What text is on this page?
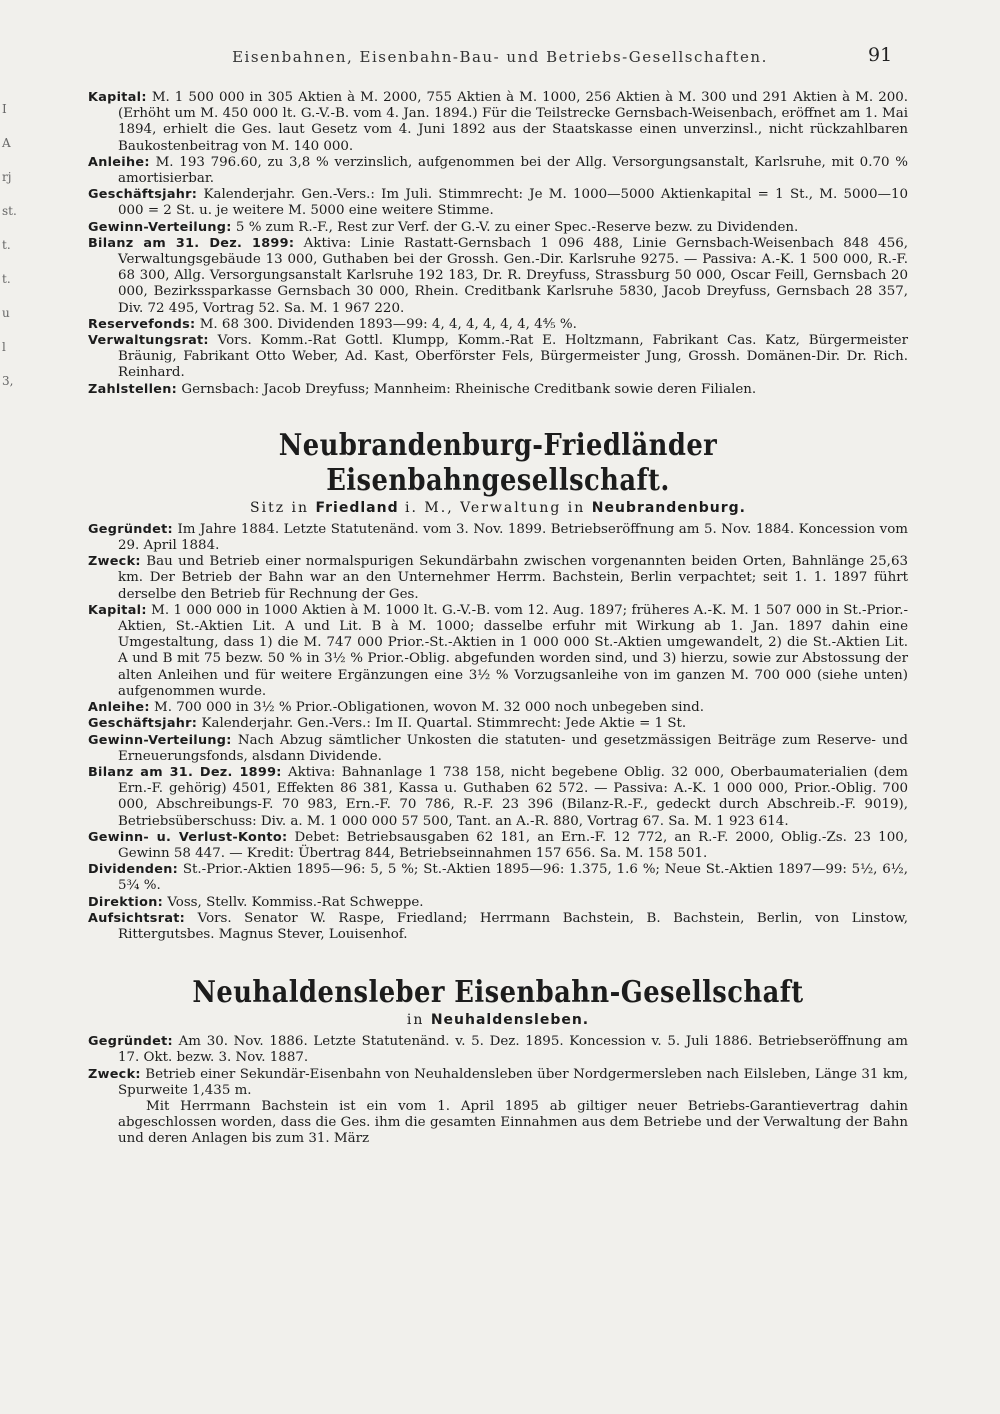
Eisenbahnen, Eisenbahn-Bau- und Betriebs-Gesellschaften.	91
I
A
rj
st.
t.
t.
u
l
3,

Kapital: M. 1 500 000 in 305 Aktien à M. 2000, 755 Aktien à M. 1000, 256 Aktien à M. 300 und 291 Aktien à M. 200. (Erhöht um M. 450 000 lt. G.-V.-B. vom 4. Jan. 1894.) Für die Teilstrecke Gernsbach-Weisenbach, eröffnet am 1. Mai 1894, erhielt die Ges. laut Gesetz vom 4. Juni 1892 aus der Staatskasse einen unverzinsl., nicht rückzahlbaren Baukostenbeitrag von M. 140 000.

Anleihe: M. 193 796.60, zu 3,8 % verzinslich, aufgenommen bei der Allg. Versorgungsanstalt, Karlsruhe, mit 0.70 % amortisierbar.

Geschäftsjahr: Kalenderjahr. Gen.-Vers.: Im Juli. Stimmrecht: Je M. 1000—5000 Aktienkapital = 1 St., M. 5000—10 000 = 2 St. u. je weitere M. 5000 eine weitere Stimme.

Gewinn-Verteilung: 5 % zum R.-F., Rest zur Verf. der G.-V. zu einer Spec.-Reserve bezw. zu Dividenden.

Bilanz am 31. Dez. 1899: Aktiva: Linie Rastatt-Gernsbach 1 096 488, Linie Gernsbach-Weisenbach 848 456, Verwaltungsgebäude 13 000, Guthaben bei der Grossh. Gen.-Dir. Karlsruhe 9275. — Passiva: A.-K. 1 500 000, R.-F. 68 300, Allg. Versorgungsanstalt Karlsruhe 192 183, Dr. R. Dreyfuss, Strassburg 50 000, Oscar Feill, Gernsbach 20 000, Bezirkssparkasse Gernsbach 30 000, Rhein. Creditbank Karlsruhe 5830, Jacob Dreyfuss, Gernsbach 28 357, Div. 72 495, Vortrag 52. Sa. M. 1 967 220.

Reservefonds: M. 68 300. Dividenden 1893—99: 4, 4, 4, 4, 4, 4, 4⅘ %.

Verwaltungsrat: Vors. Komm.-Rat Gottl. Klumpp, Komm.-Rat E. Holtzmann, Fabrikant Cas. Katz, Bürgermeister Bräunig, Fabrikant Otto Weber, Ad. Kast, Oberförster Fels, Bürgermeister Jung, Grossh. Domänen-Dir. Dr. Rich. Reinhard.

Zahlstellen: Gernsbach: Jacob Dreyfuss; Mannheim: Rheinische Creditbank sowie deren Filialen.

Neubrandenburg-Friedländer Eisenbahngesellschaft.
Sitz in Friedland i. M., Verwaltung in Neubrandenburg.

Gegründet: Im Jahre 1884. Letzte Statutenänd. vom 3. Nov. 1899. Betriebseröffnung am 5. Nov. 1884. Koncession vom 29. April 1884.

Zweck: Bau und Betrieb einer normalspurigen Sekundärbahn zwischen vorgenannten beiden Orten, Bahnlänge 25,63 km. Der Betrieb der Bahn war an den Unternehmer Herrm. Bachstein, Berlin verpachtet; seit 1. 1. 1897 führt derselbe den Betrieb für Rechnung der Ges.

Kapital: M. 1 000 000 in 1000 Aktien à M. 1000 lt. G.-V.-B. vom 12. Aug. 1897; früheres A.-K. M. 1 507 000 in St.-Prior.-Aktien, St.-Aktien Lit. A und Lit. B à M. 1000; dasselbe erfuhr mit Wirkung ab 1. Jan. 1897 dahin eine Umgestaltung, dass 1) die M. 747 000 Prior.-St.-Aktien in 1 000 000 St.-Aktien umgewandelt, 2) die St.-Aktien Lit. A und B mit 75 bezw. 50 % in 3½ % Prior.-Oblig. abgefunden worden sind, und 3) hierzu, sowie zur Abstossung der alten Anleihen und für weitere Ergänzungen eine 3½ % Vorzugsanleihe von im ganzen M. 700 000 (siehe unten) aufgenommen wurde.

Anleihe: M. 700 000 in 3½ % Prior.-Obligationen, wovon M. 32 000 noch unbegeben sind.

Geschäftsjahr: Kalenderjahr. Gen.-Vers.: Im II. Quartal. Stimmrecht: Jede Aktie = 1 St.

Gewinn-Verteilung: Nach Abzug sämtlicher Unkosten die statuten- und gesetzmässigen Beiträge zum Reserve- und Erneuerungsfonds, alsdann Dividende.

Bilanz am 31. Dez. 1899: Aktiva: Bahnanlage 1 738 158, nicht begebene Oblig. 32 000, Oberbaumaterialien (dem Ern.-F. gehörig) 4501, Effekten 86 381, Kassa u. Guthaben 62 572. — Passiva: A.-K. 1 000 000, Prior.-Oblig. 700 000, Abschreibungs-F. 70 983, Ern.-F. 70 786, R.-F. 23 396 (Bilanz-R.-F., gedeckt durch Abschreib.-F. 9019), Betriebsüberschuss: Div. a. M. 1 000 000 57 500, Tant. an A.-R. 880, Vortrag 67. Sa. M. 1 923 614.

Gewinn- u. Verlust-Konto: Debet: Betriebsausgaben 62 181, an Ern.-F. 12 772, an R.-F. 2000, Oblig.-Zs. 23 100, Gewinn 58 447. — Kredit: Übertrag 844, Betriebseinnahmen 157 656. Sa. M. 158 501.

Dividenden: St.-Prior.-Aktien 1895—96: 5, 5 %; St.-Aktien 1895—96: 1.375, 1.6 %; Neue St.-Aktien 1897—99: 5½, 6½, 5¾ %.

Direktion: Voss, Stellv. Kommiss.-Rat Schweppe.

Aufsichtsrat: Vors. Senator W. Raspe, Friedland; Herrmann Bachstein, B. Bachstein, Berlin, von Linstow, Rittergutsbes. Magnus Stever, Louisenhof.

Neuhaldensleber Eisenbahn-Gesellschaft
in Neuhaldensleben.

Gegründet: Am 30. Nov. 1886. Letzte Statutenänd. v. 5. Dez. 1895. Koncession v. 5. Juli 1886. Betriebseröffnung am 17. Okt. bezw. 3. Nov. 1887.

Zweck: Betrieb einer Sekundär-Eisenbahn von Neuhaldensleben über Nordgermersleben nach Eilsleben, Länge 31 km, Spurweite 1,435 m.

Mit Herrmann Bachstein ist ein vom 1. April 1895 ab giltiger neuer Betriebs-Garantievertrag dahin abgeschlossen worden, dass die Ges. ihm die gesamten Einnahmen aus dem Betriebe und der Verwaltung der Bahn und deren Anlagen bis zum 31. März
